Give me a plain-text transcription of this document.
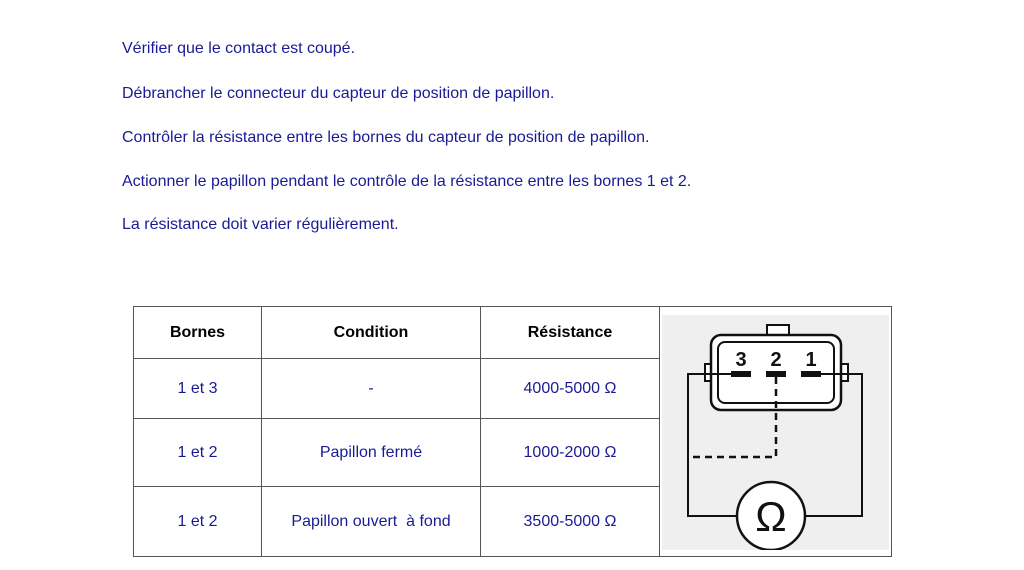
Vérifier que le contact est coupé.

Débrancher le connecteur du capteur de position de papillon.

Contrôler la résistance entre les bornes du capteur de position de papillon.

Actionner le papillon pendant le contrôle de la résistance entre les bornes 1 et 2.

La résistance doit varier régulièrement.

Bornes	Condition	Résistance	3 2 1
Ω

1 et 3	-	4000-5000 Ω	
1 et 2	Papillon fermé	1000-2000 Ω	
1 et 2	Papillon ouvert  à fond	3500-5000 Ω	
